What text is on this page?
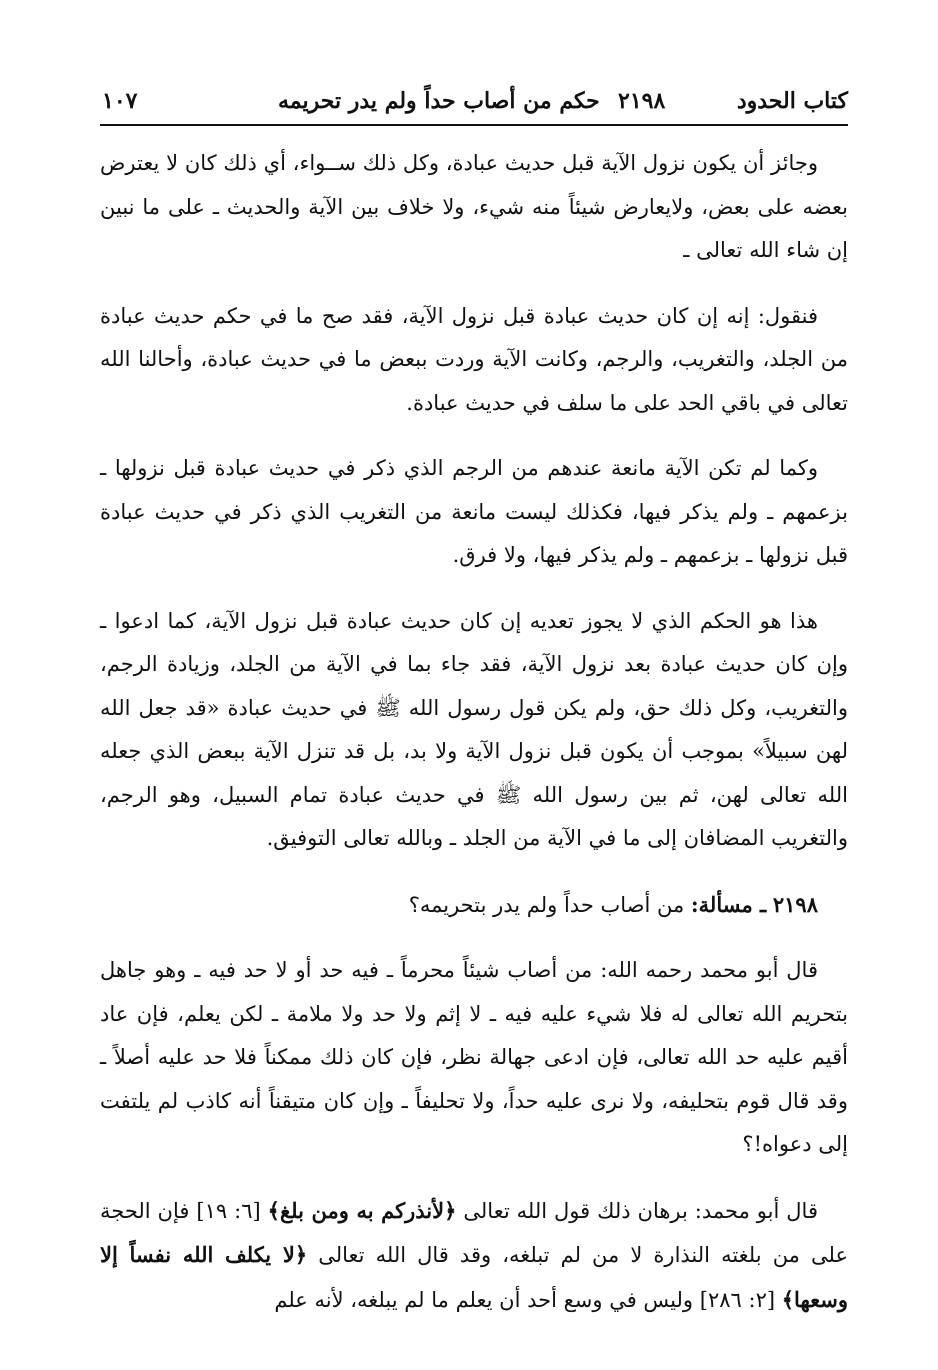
كتاب الحدود
٢١٩٨
حكم من أصاب حداً ولم يدر تحريمه
١٠٧

وجائز أن يكون نزول الآية قبل حديث عبادة، وكل ذلك ســواء، أي ذلك كان لا يعترض بعضه على بعض، ولايعارض شيئاً منه شيء، ولا خلاف بين الآية والحديث ـ على ما نبين إن شاء الله تعالى ـ

فنقول: إنه إن كان حديث عبادة قبل نزول الآية، فقد صح ما في حكم حديث عبادة من الجلد، والتغريب، والرجم، وكانت الآية وردت ببعض ما في حديث عبادة، وأحالنا الله تعالى في باقي الحد على ما سلف في حديث عبادة.

وكما لم تكن الآية مانعة عندهم من الرجم الذي ذكر في حديث عبادة قبل نزولها ـ بزعمهم ـ ولم يذكر فيها، فكذلك ليست مانعة من التغريب الذي ذكر في حديث عبادة قبل نزولها ـ بزعمهم ـ ولم يذكر فيها، ولا فرق.

هذا هو الحكم الذي لا يجوز تعديه إن كان حديث عبادة قبل نزول الآية، كما ادعوا ـ وإن كان حديث عبادة بعد نزول الآية، فقد جاء بما في الآية من الجلد، وزيادة الرجم، والتغريب، وكل ذلك حق، ولم يكن قول رسول الله ﷺ في حديث عبادة «قد جعل الله لهن سبيلاً» بموجب أن يكون قبل نزول الآية ولا بد، بل قد تنزل الآية ببعض الذي جعله الله تعالى لهن، ثم بين رسول الله ﷺ في حديث عبادة تمام السبيل، وهو الرجم، والتغريب المضافان إلى ما في الآية من الجلد ـ وبالله تعالى التوفيق.

٢١٩٨ ـ مسألة: من أصاب حداً ولم يدر بتحريمه؟

قال أبو محمد رحمه الله: من أصاب شيئاً محرماً ـ فيه حد أو لا حد فيه ـ وهو جاهل بتحريم الله تعالى له فلا شيء عليه فيه ـ لا إثم ولا حد ولا ملامة ـ لكن يعلم، فإن عاد أقيم عليه حد الله تعالى، فإن ادعى جهالة نظر، فإن كان ذلك ممكناً فلا حد عليه أصلاً ـ وقد قال قوم بتحليفه، ولا نرى عليه حداً، ولا تحليفاً ـ وإن كان متيقناً أنه كاذب لم يلتفت إلى دعواه!؟

قال أبو محمد: برهان ذلك قول الله تعالى ﴿لأنذركم به ومن بلغ﴾ [٦: ١٩] فإن الحجة على من بلغته النذارة لا من لم تبلغه، وقد قال الله تعالى ﴿لا يكلف الله نفساً إلا وسعها﴾ [٢: ٢٨٦] وليس في وسع أحد أن يعلم ما لم يبلغه، لأنه علم
